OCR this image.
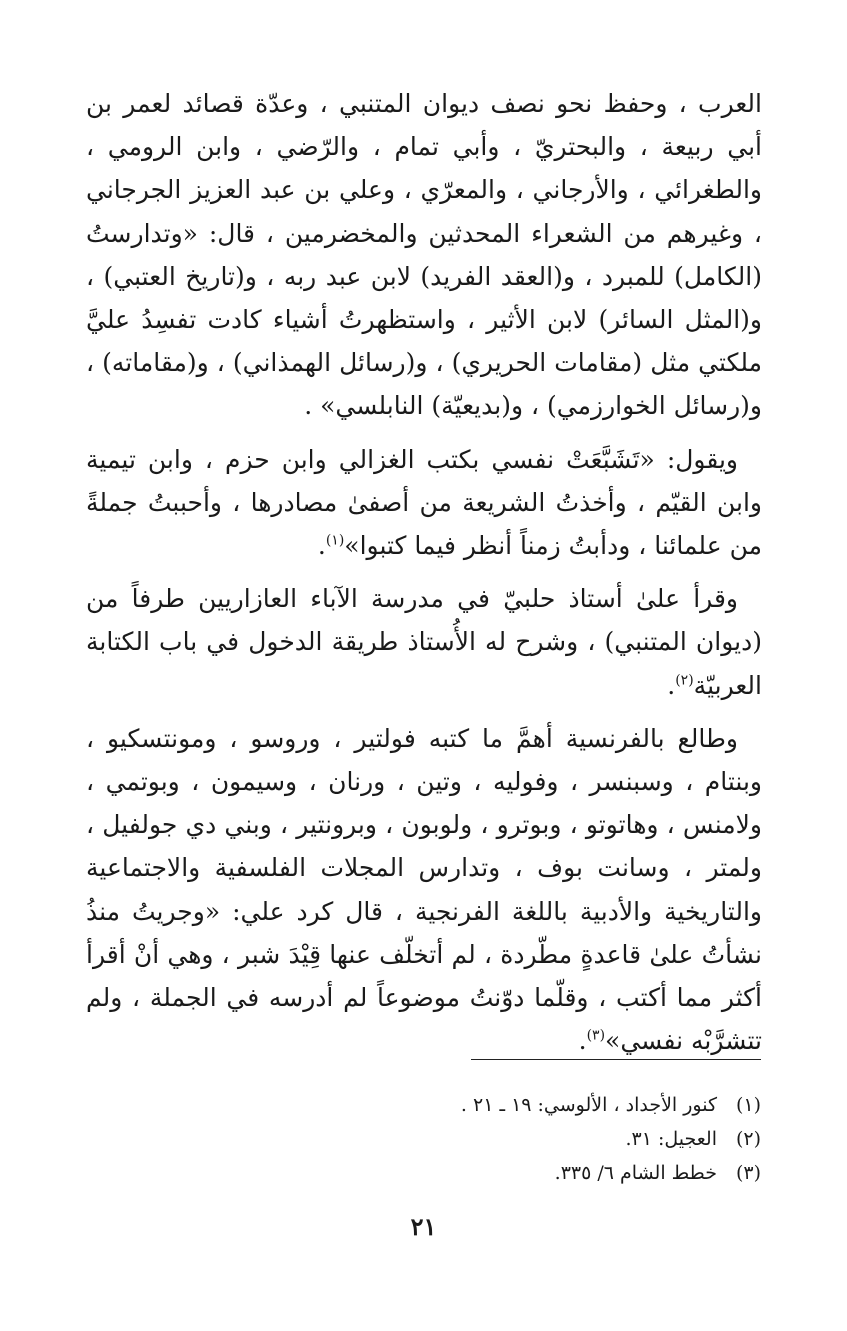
العرب ، وحفظ نحو نصف ديوان المتنبي ، وعدّة قصائد لعمر بن أبي ربيعة ، والبحتريّ ، وأبي تمام ، والرّضي ، وابن الرومي ، والطغرائي ، والأرجاني ، والمعرّي ، وعلي بن عبد العزيز الجرجاني ، وغيرهم من الشعراء المحدثين والمخضرمين ، قال: «وتدارستُ (الكامل) للمبرد ، و(العقد الفريد) لابن عبد ربه ، و(تاريخ العتبي) ، و(المثل السائر) لابن الأثير ، واستظهرتُ أشياء كادت تفسِدُ عليَّ ملكتي مثل (مقامات الحريري) ، و(رسائل الهمذاني) ، و(مقاماته) ، و(رسائل الخوارزمي) ، و(بديعيّة) النابلسي» .

ويقول: «تَشَبَّعَتْ نفسي بكتب الغزالي وابن حزم ، وابن تيمية وابن القيّم ، وأخذتُ الشريعة من أصفىٰ مصادرها ، وأحببتُ جملةً من علمائنا ، ودأبتُ زمناً أنظر فيما كتبوا»$^{(١)}$.

وقرأ علىٰ أستاذ حلبيّ في مدرسة الآباء العازاريين طرفاً من (ديوان المتنبي) ، وشرح له الأُستاذ طريقة الدخول في باب الكتابة العربيّة$^{(٢)}$.

وطالع بالفرنسية أهمَّ ما كتبه فولتير ، وروسو ، ومونتسكيو ، وبنتام ، وسبنسر ، وفوليه ، وتين ، ورنان ، وسيمون ، وبوتمي ، ولامنس ، وهاتوتو ، وبوترو ، ولوبون ، وبرونتير ، وبني دي جولفيل ، ولمتر ، وسانت بوف ، وتدارس المجلات الفلسفية والاجتماعية والتاريخية والأدبية باللغة الفرنجية ، قال كرد علي: «وجريتُ منذُ نشأتُ علىٰ قاعدةٍ مطّردة ، لم أتخلّف عنها قِيْدَ شبر ، وهي أنْ أقرأ أكثر مما أكتب ، وقلّما دوّنتُ موضوعاً لم أدرسه في الجملة ، ولم تتشرَّبْه نفسي»$^{(٣)}$.

(١)كنور الأجداد ، الألوسي: ١٩ ـ ٢١ .
(٢)العجيل: ٣١.
(٣)خطط الشام ٦/ ٣٣٥.
٢١
